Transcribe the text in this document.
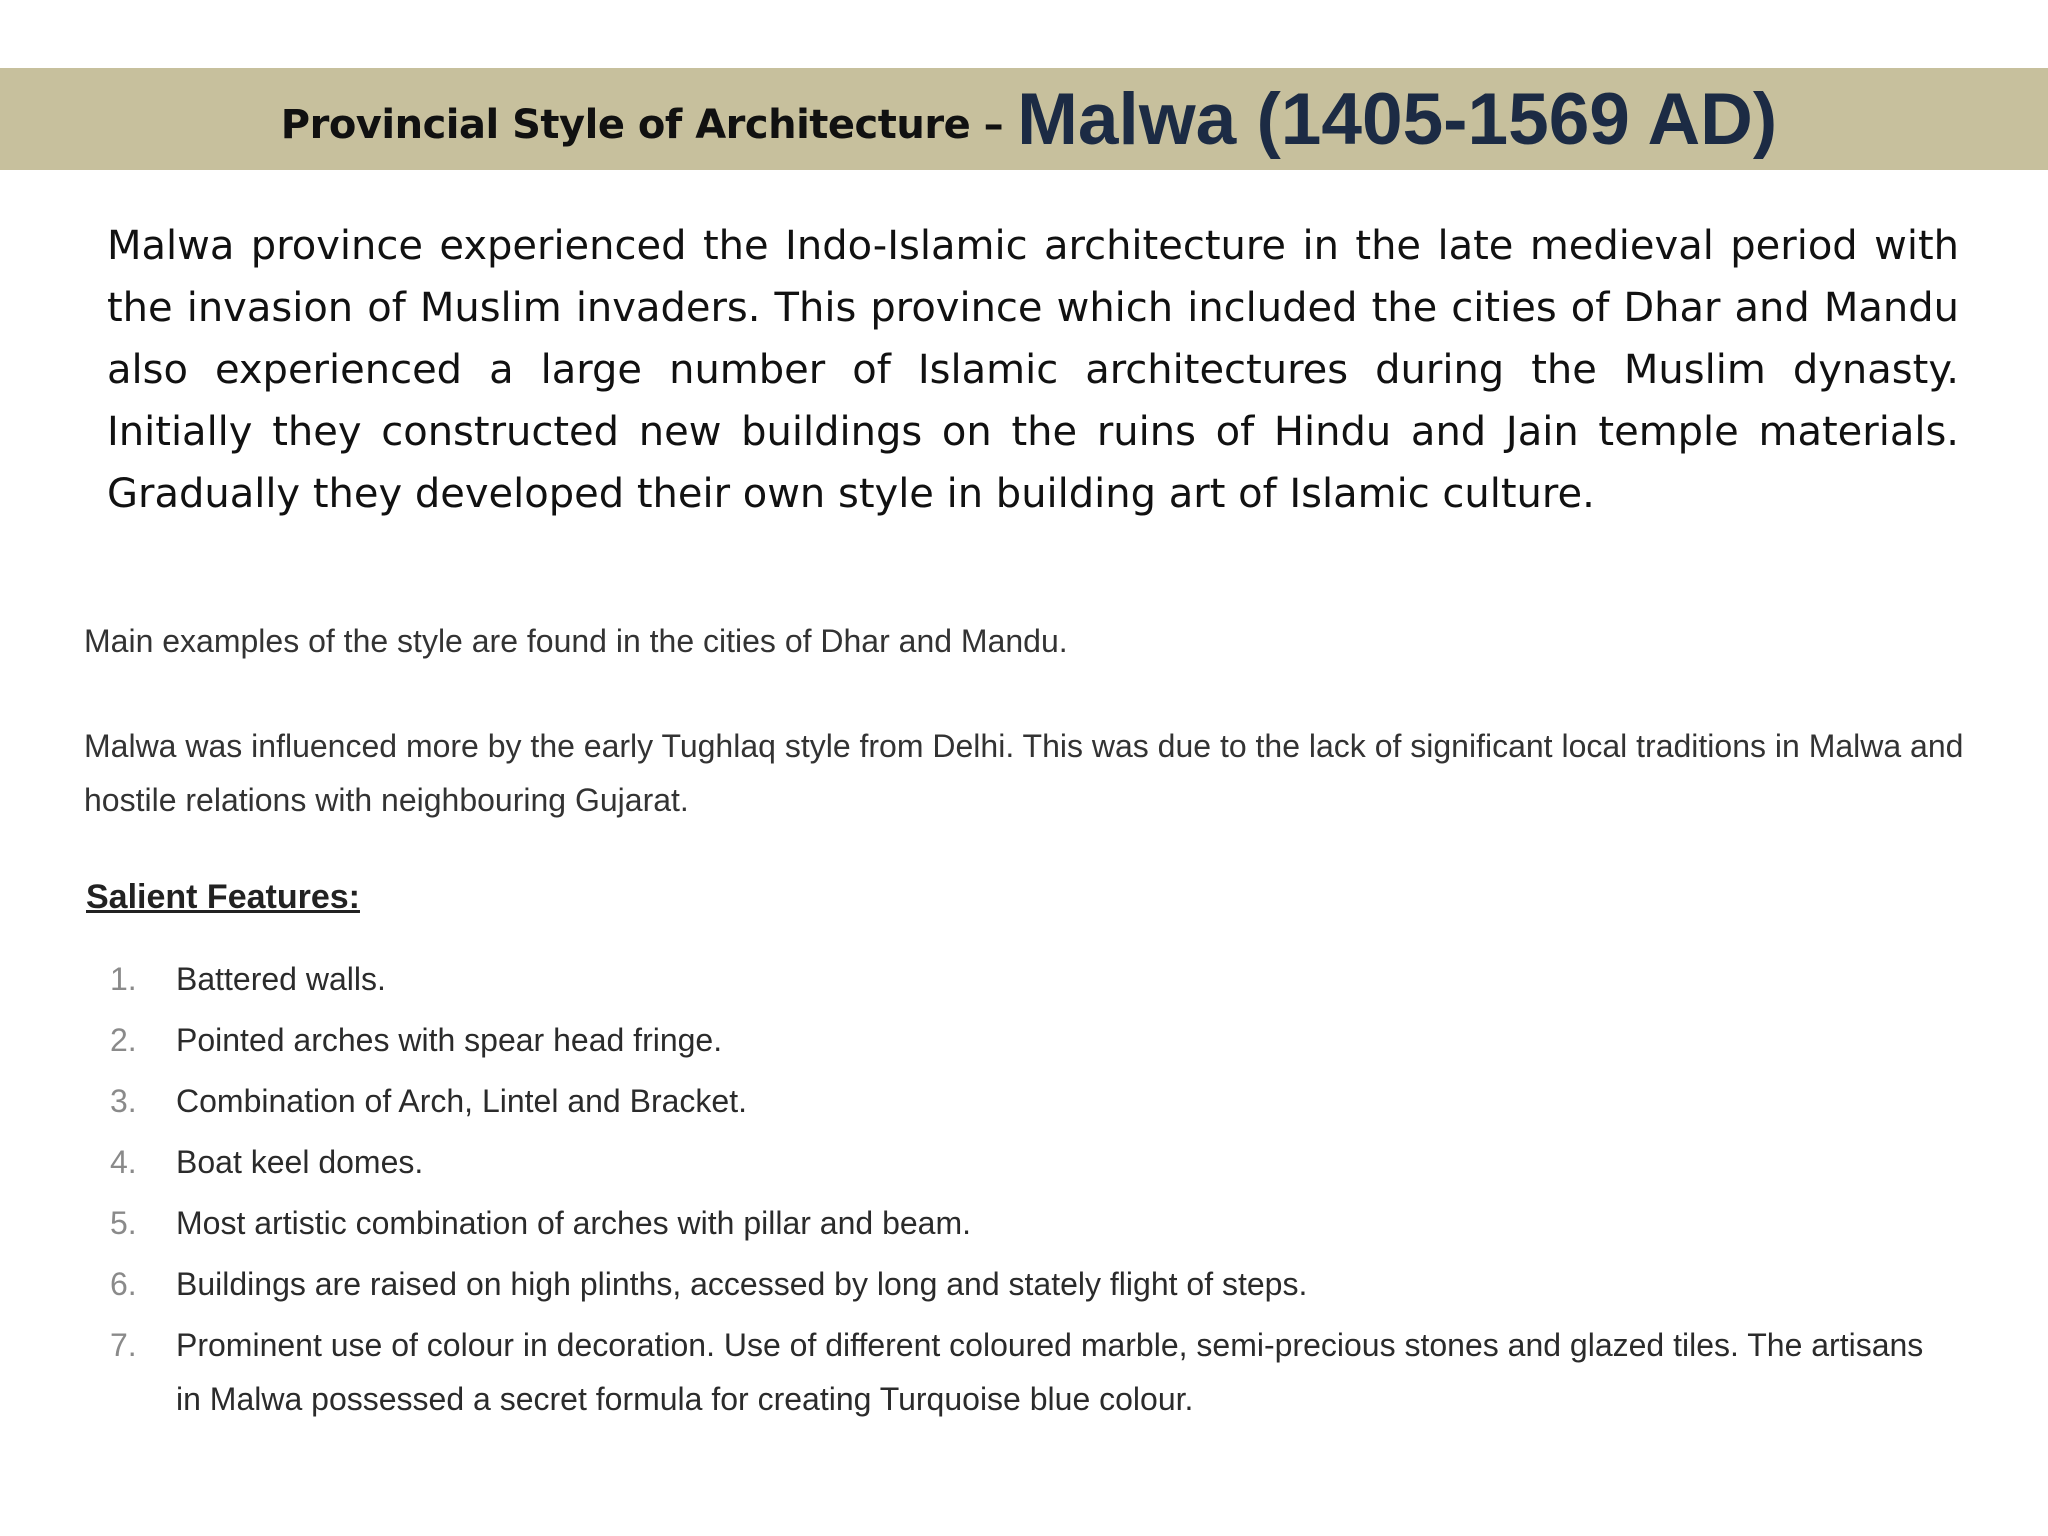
Provincial Style of Architecture – Malwa (1405-1569 AD)
Malwa province experienced the Indo-Islamic architecture in the late medieval period with the invasion of Muslim invaders. This province which included the cities of Dhar and Mandu also experienced a large number of Islamic architectures during the Muslim dynasty. Initially they constructed new buildings on the ruins of Hindu and Jain temple materials. Gradually they developed their own style in building art of Islamic culture.
Main examples of the style are found in the cities of Dhar and Mandu.
Malwa was influenced more by the early Tughlaq style from Delhi. This was due to the lack of significant local traditions in Malwa and hostile relations with neighbouring Gujarat.
Salient Features:
1.	Battered walls.
2.	Pointed arches with spear head fringe.
3.	Combination of Arch, Lintel and Bracket.
4.	Boat keel domes.
5.	Most artistic combination of arches with pillar and beam.
6.	Buildings are raised on high plinths, accessed by long and stately flight of steps.
7.	Prominent use of colour in decoration. Use of different coloured marble, semi-precious stones and glazed tiles. The artisans in Malwa possessed a secret formula for creating Turquoise blue colour.
